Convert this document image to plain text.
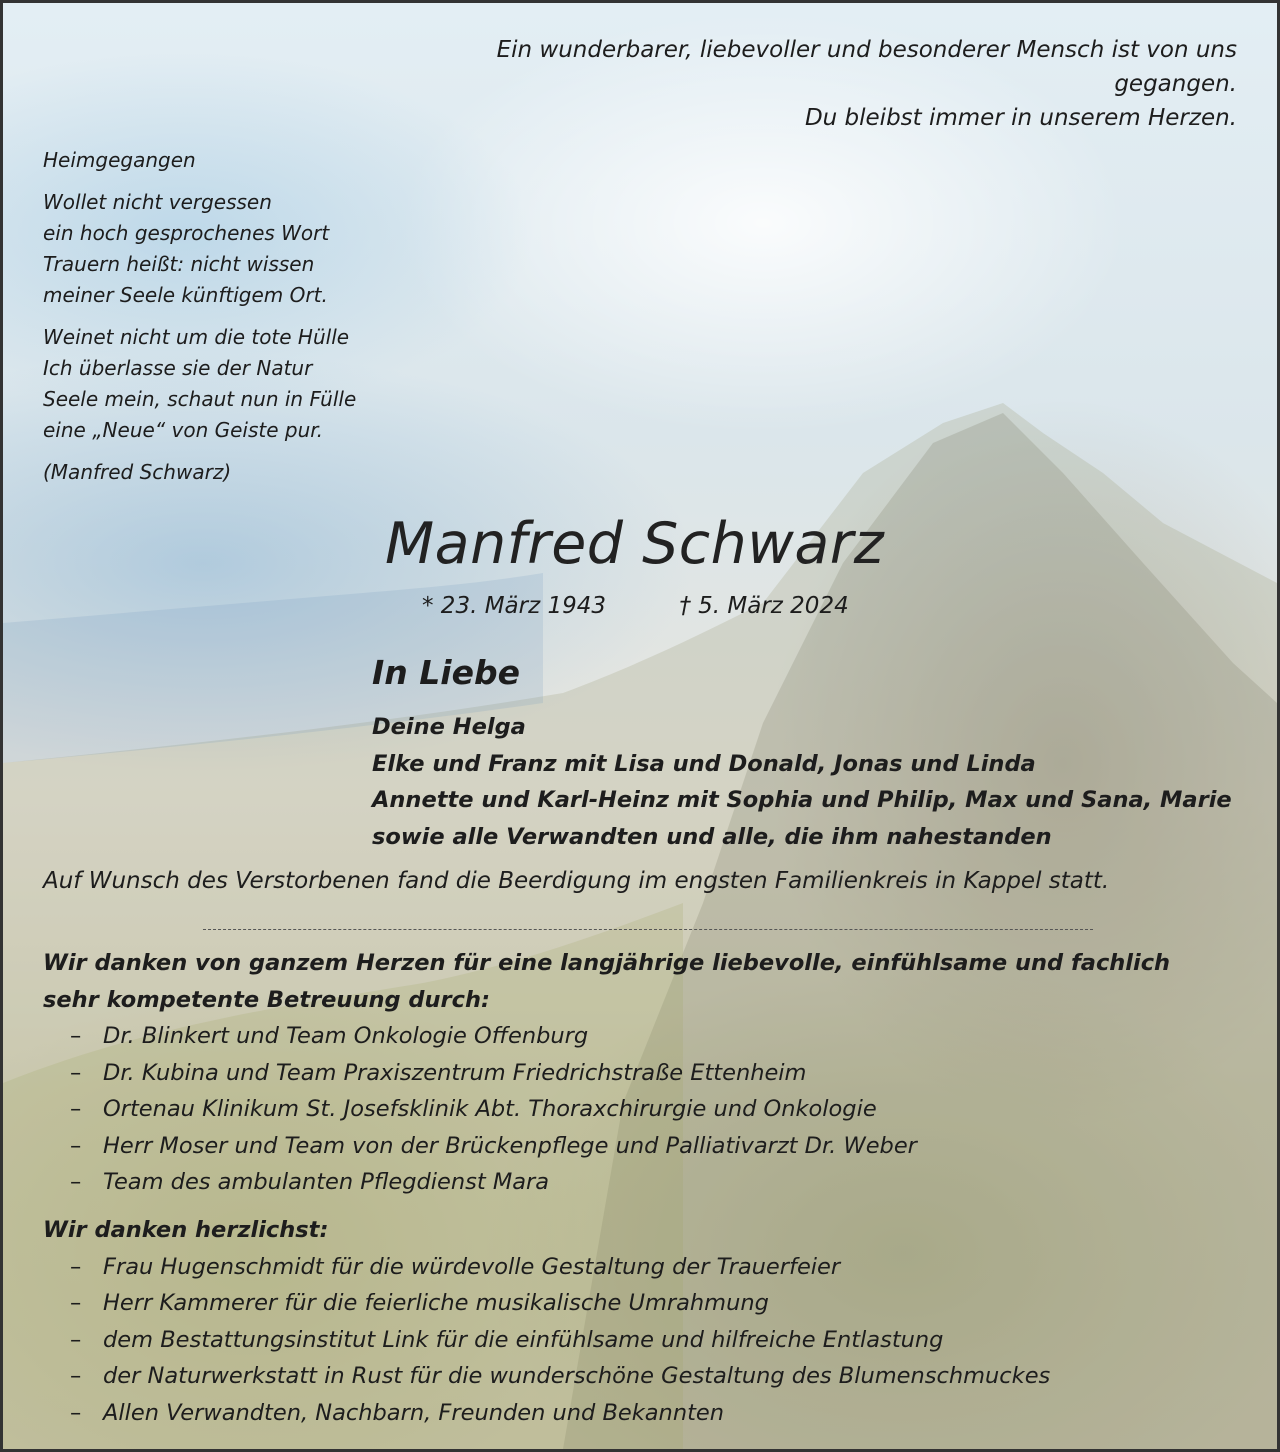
Ein wunderbarer, liebevoller und besonderer Mensch ist von uns
gegangen.
Du bleibst immer in unserem Herzen.
Heimgegangen
Wollet nicht vergessen
ein hoch gesprochenes Wort
Trauern heißt: nicht wissen
meiner Seele künftigem Ort.
Weinet nicht um die tote Hülle
Ich überlasse sie der Natur
Seele mein, schaut nun in Fülle
eine „Neue“ von Geiste pur.
(Manfred Schwarz)
Manfred Schwarz
* 23. März 1943	† 5. März 2024
In Liebe
Deine Helga
Elke und Franz mit Lisa und Donald, Jonas und Linda
Annette und Karl-Heinz mit Sophia und Philip, Max und Sana, Marie
sowie alle Verwandten und alle, die ihm nahestanden
Auf Wunsch des Verstorbenen fand die Beerdigung im engsten Familienkreis in Kappel statt.
Wir danken von ganzem Herzen für eine langjährige liebevolle, einfühlsame und fachlich
sehr kompetente Betreuung durch:
– Dr. Blinkert und Team Onkologie Offenburg
– Dr. Kubina und Team Praxiszentrum Friedrichstraße Ettenheim
– Ortenau Klinikum St. Josefsklinik Abt. Thoraxchirurgie und Onkologie
– Herr Moser und Team von der Brückenpflege und Palliativarzt Dr. Weber
– Team des ambulanten Pflegdienst Mara
Wir danken herzlichst:
– Frau Hugenschmidt für die würdevolle Gestaltung der Trauerfeier
– Herr Kammerer für die feierliche musikalische Umrahmung
– dem Bestattungsinstitut Link für die einfühlsame und hilfreiche Entlastung
– der Naturwerkstatt in Rust für die wunderschöne Gestaltung des Blumenschmuckes
– Allen Verwandten, Nachbarn, Freunden und Bekannten
